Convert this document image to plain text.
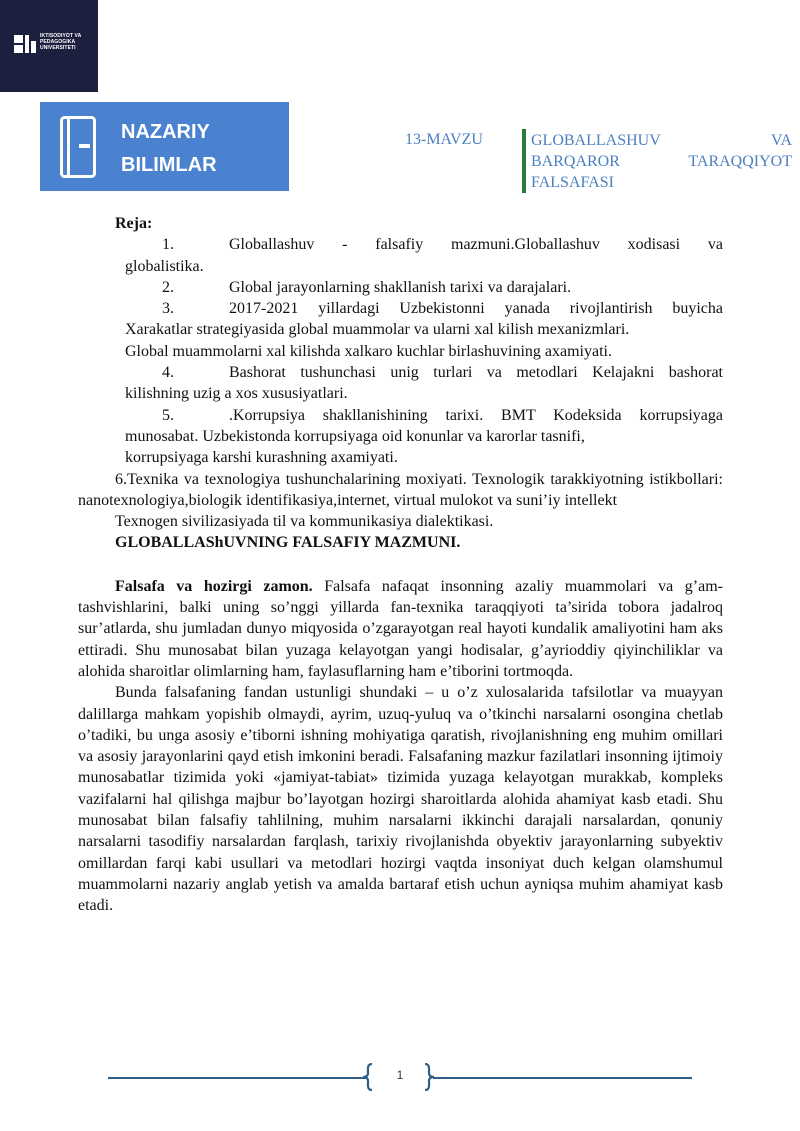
IKTISODIYOT VA
PEDAGOGIKA
UNIVERSITETI
NAZARIY
BILIMLAR
13-MAVZU	GLOBALLASHUV	VA
BARQAROR	TARAQQIYOT
FALSAFASI
Reja:
1.	Globallashuv - falsafiy mazmuni.Globallashuv xodisasi va
globalistika.
2.	Global jarayonlarning shakllanish tarixi va darajalari.
3.	2017-2021 yillardagi Uzbekistonni yanada rivojlantirish buyicha
Xarakatlar strategiyasida global muammolar va ularni xal kilish mexanizmlari.
Global muammolarni xal kilishda xalkaro kuchlar birlashuvining axamiyati.
4.	Bashorat tushunchasi unig turlari va metodlari Kelajakni bashorat
kilishning uzig a xos xususiyatlari.
5.	.Korrupsiya shakllanishining tarixi. BMT Kodeksida korrupsiyaga
munosabat. Uzbekistonda korrupsiyaga oid konunlar va karorlar tasnifi,
korrupsiyaga karshi kurashning axamiyati.

6.Texnika va texnologiya tushunchalarining moxiyati. Texnologik tarakkiyotning istikbollari: nanotexnologiya,biologik identifikasiya,internet, virtual mulokot va suni’iy intellekt

Texnogen sivilizasiyada til va kommunikasiya dialektikasi.

GLOBALLAShUVNING FALSAFIY MAZMUNI.

Falsafa va hozirgi zamon. Falsafa nafaqat insonning azaliy muammolari va g’am-tashvishlarini, balki uning so’nggi yillarda fan-texnika taraqqiyoti ta’sirida tobora jadalroq sur’atlarda, shu jumladan dunyo miqyosida o’zgarayotgan real hayoti kundalik amaliyotini ham aks ettiradi. Shu munosabat bilan yuzaga kelayotgan yangi hodisalar, g’ayrioddiy qiyinchiliklar va alohida sharoitlar olimlarning ham, faylasuflarning ham e’tiborini tortmoqda.

Bunda falsafaning fandan ustunligi shundaki – u o’z xulosalarida tafsilotlar va muayyan dalillarga mahkam yopishib olmaydi, ayrim, uzuq-yuluq va o’tkinchi narsalarni osongina chetlab o’tadiki, bu unga asosiy e’tiborni ishning mohiyatiga qaratish, rivojlanishning eng muhim omillari va asosiy jarayonlarini qayd etish imkonini beradi. Falsafaning mazkur fazilatlari insonning ijtimoiy munosabatlar tizimida yoki «jamiyat-tabiat» tizimida yuzaga kelayotgan murakkab, kompleks vazifalarni hal qilishga majbur bo’layotgan hozirgi sharoitlarda alohida ahamiyat kasb etadi. Shu munosabat bilan falsafiy tahlilning, muhim narsalarni ikkinchi darajali narsalardan, qonuniy narsalarni tasodifiy narsalardan farqlash, tarixiy rivojlanishda obyektiv jarayonlarning subyektiv omillardan farqi kabi usullari va metodlari hozirgi vaqtda insoniyat duch kelgan olamshumul muammolarni nazariy anglab yetish va amalda bartaraf etish uchun ayniqsa muhim ahamiyat kasb etadi.

1
